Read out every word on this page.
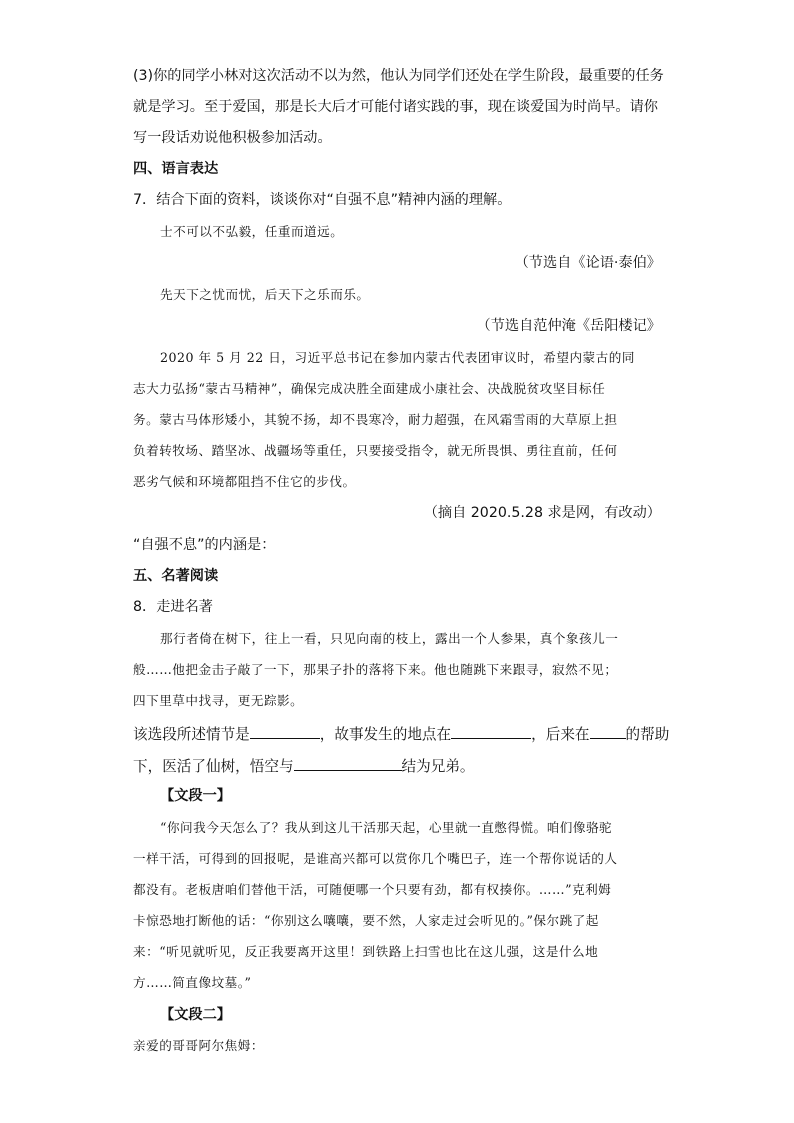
(3)你的同学小林对这次活动不以为然，他认为同学们还处在学生阶段，最重要的任务
就是学习。至于爱国，那是长大后才可能付诸实践的事，现在谈爱国为时尚早。请你
写一段话劝说他积极参加活动。
四、语言表达
7．结合下面的资料，谈谈你对“自强不息”精神内涵的理解。
士不可以不弘毅，任重而道远。
（节选自《论语·泰伯》
先天下之忧而忧，后天下之乐而乐。
（节选自范仲淹《岳阳楼记》
2020 年 5 月 22 日，习近平总书记在参加内蒙古代表团审议时，希望内蒙古的同
志大力弘扬“蒙古马精神”，确保完成决胜全面建成小康社会、决战脱贫攻坚目标任
务。蒙古马体形矮小，其貌不扬，却不畏寒冷，耐力超强，在风霜雪雨的大草原上担
负着转牧场、踏坚冰、战疆场等重任，只要接受指令，就无所畏惧、勇往直前，任何
恶劣气候和环境都阻挡不住它的步伐。
（摘自 2020.5.28 求是网，有改动）
“自强不息”的内涵是：
五、名著阅读
8．走进名著
那行者倚在树下，往上一看，只见向南的枝上，露出一个人参果，真个象孩儿一
般……他把金击子敲了一下，那果子扑的落将下来。他也随跳下来跟寻，寂然不见；
四下里草中找寻，更无踪影。
该选段所述情节是	，故事发生的地点在	，后来在 的帮助
下，医活了仙树，悟空与	结为兄弟。
【文段一】
“你问我今天怎么了？我从到这儿干活那天起，心里就一直憋得慌。咱们像骆驼
一样干活，可得到的回报呢，是谁高兴都可以赏你几个嘴巴子，连一个帮你说话的人
都没有。老板唐咱们替他干活，可随便哪一个只要有劲，都有权揍你。……”克利姆
卡惊恐地打断他的话：“你别这么嚷嚷，要不然，人家走过会听见的。”保尔跳了起
来：“听见就听见，反正我要离开这里！到铁路上扫雪也比在这儿强，这是什么地
方……简直像坟墓。”
【文段二】
亲爱的哥哥阿尔焦姆：
